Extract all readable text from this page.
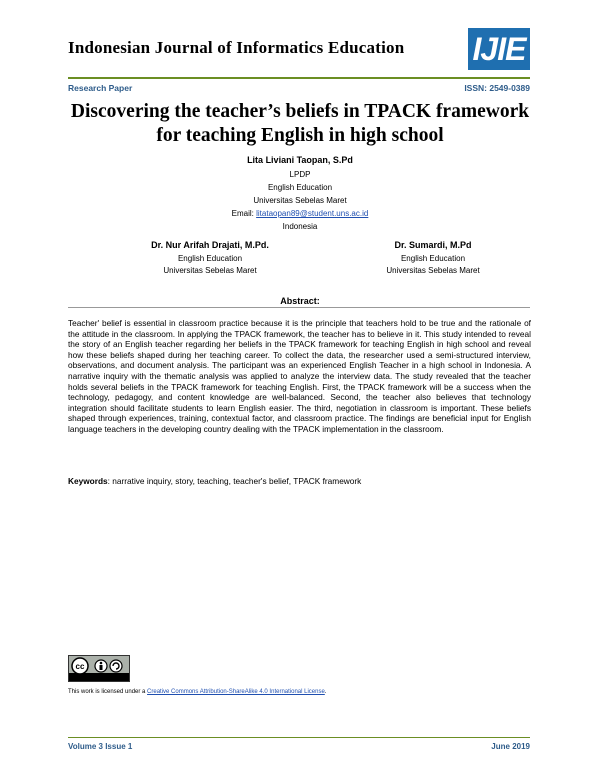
Indonesian Journal of Informatics Education IJIE
Research Paper	ISSN: 2549-0389
Discovering the teacher’s beliefs in TPACK framework
for teaching English in high school
Lita Liviani Taopan, S.Pd
LPDP
English Education
Universitas Sebelas Maret
Email: litataopan89@student.uns.ac.id
Indonesia
Dr. Nur Arifah Drajati, M.Pd.
English Education
Universitas Sebelas Maret
Dr. Sumardi, M.Pd
English Education
Universitas Sebelas Maret
Abstract:
Teacher' belief is essential in classroom practice because it is the principle that teachers hold to be true and the rationale of the attitude in the classroom. In applying the TPACK framework, the teacher has to believe in it. This study intended to reveal the story of an English teacher regarding her beliefs in the TPACK framework for teaching English in high school and reveal how these beliefs shaped during her teaching career. To collect the data, the researcher used a semi-structured interview, observations, and document analysis. The participant was an experienced English Teacher in a high school in Indonesia. A narrative inquiry with the thematic analysis was applied to analyze the interview data. The study revealed that the teacher holds several beliefs in the TPACK framework for teaching English. First, the TPACK framework will be a success when the technology, pedagogy, and content knowledge are well-balanced. Second, the teacher also believes that technology integration should facilitate students to learn English easier. The third, negotiation in classroom is important. These beliefs shaped through experiences, training, contextual factor, and classroom practice. The findings are beneficial input for English language teachers in the developing country dealing with the TPACK implementation in the classroom.
Keywords: narrative inquiry, story, teaching, teacher's belief, TPACK framework
cc
This work is licensed under a Creative Commons Attribution-ShareAlike 4.0 International License.
Volume 3 Issue 1	June 2019
